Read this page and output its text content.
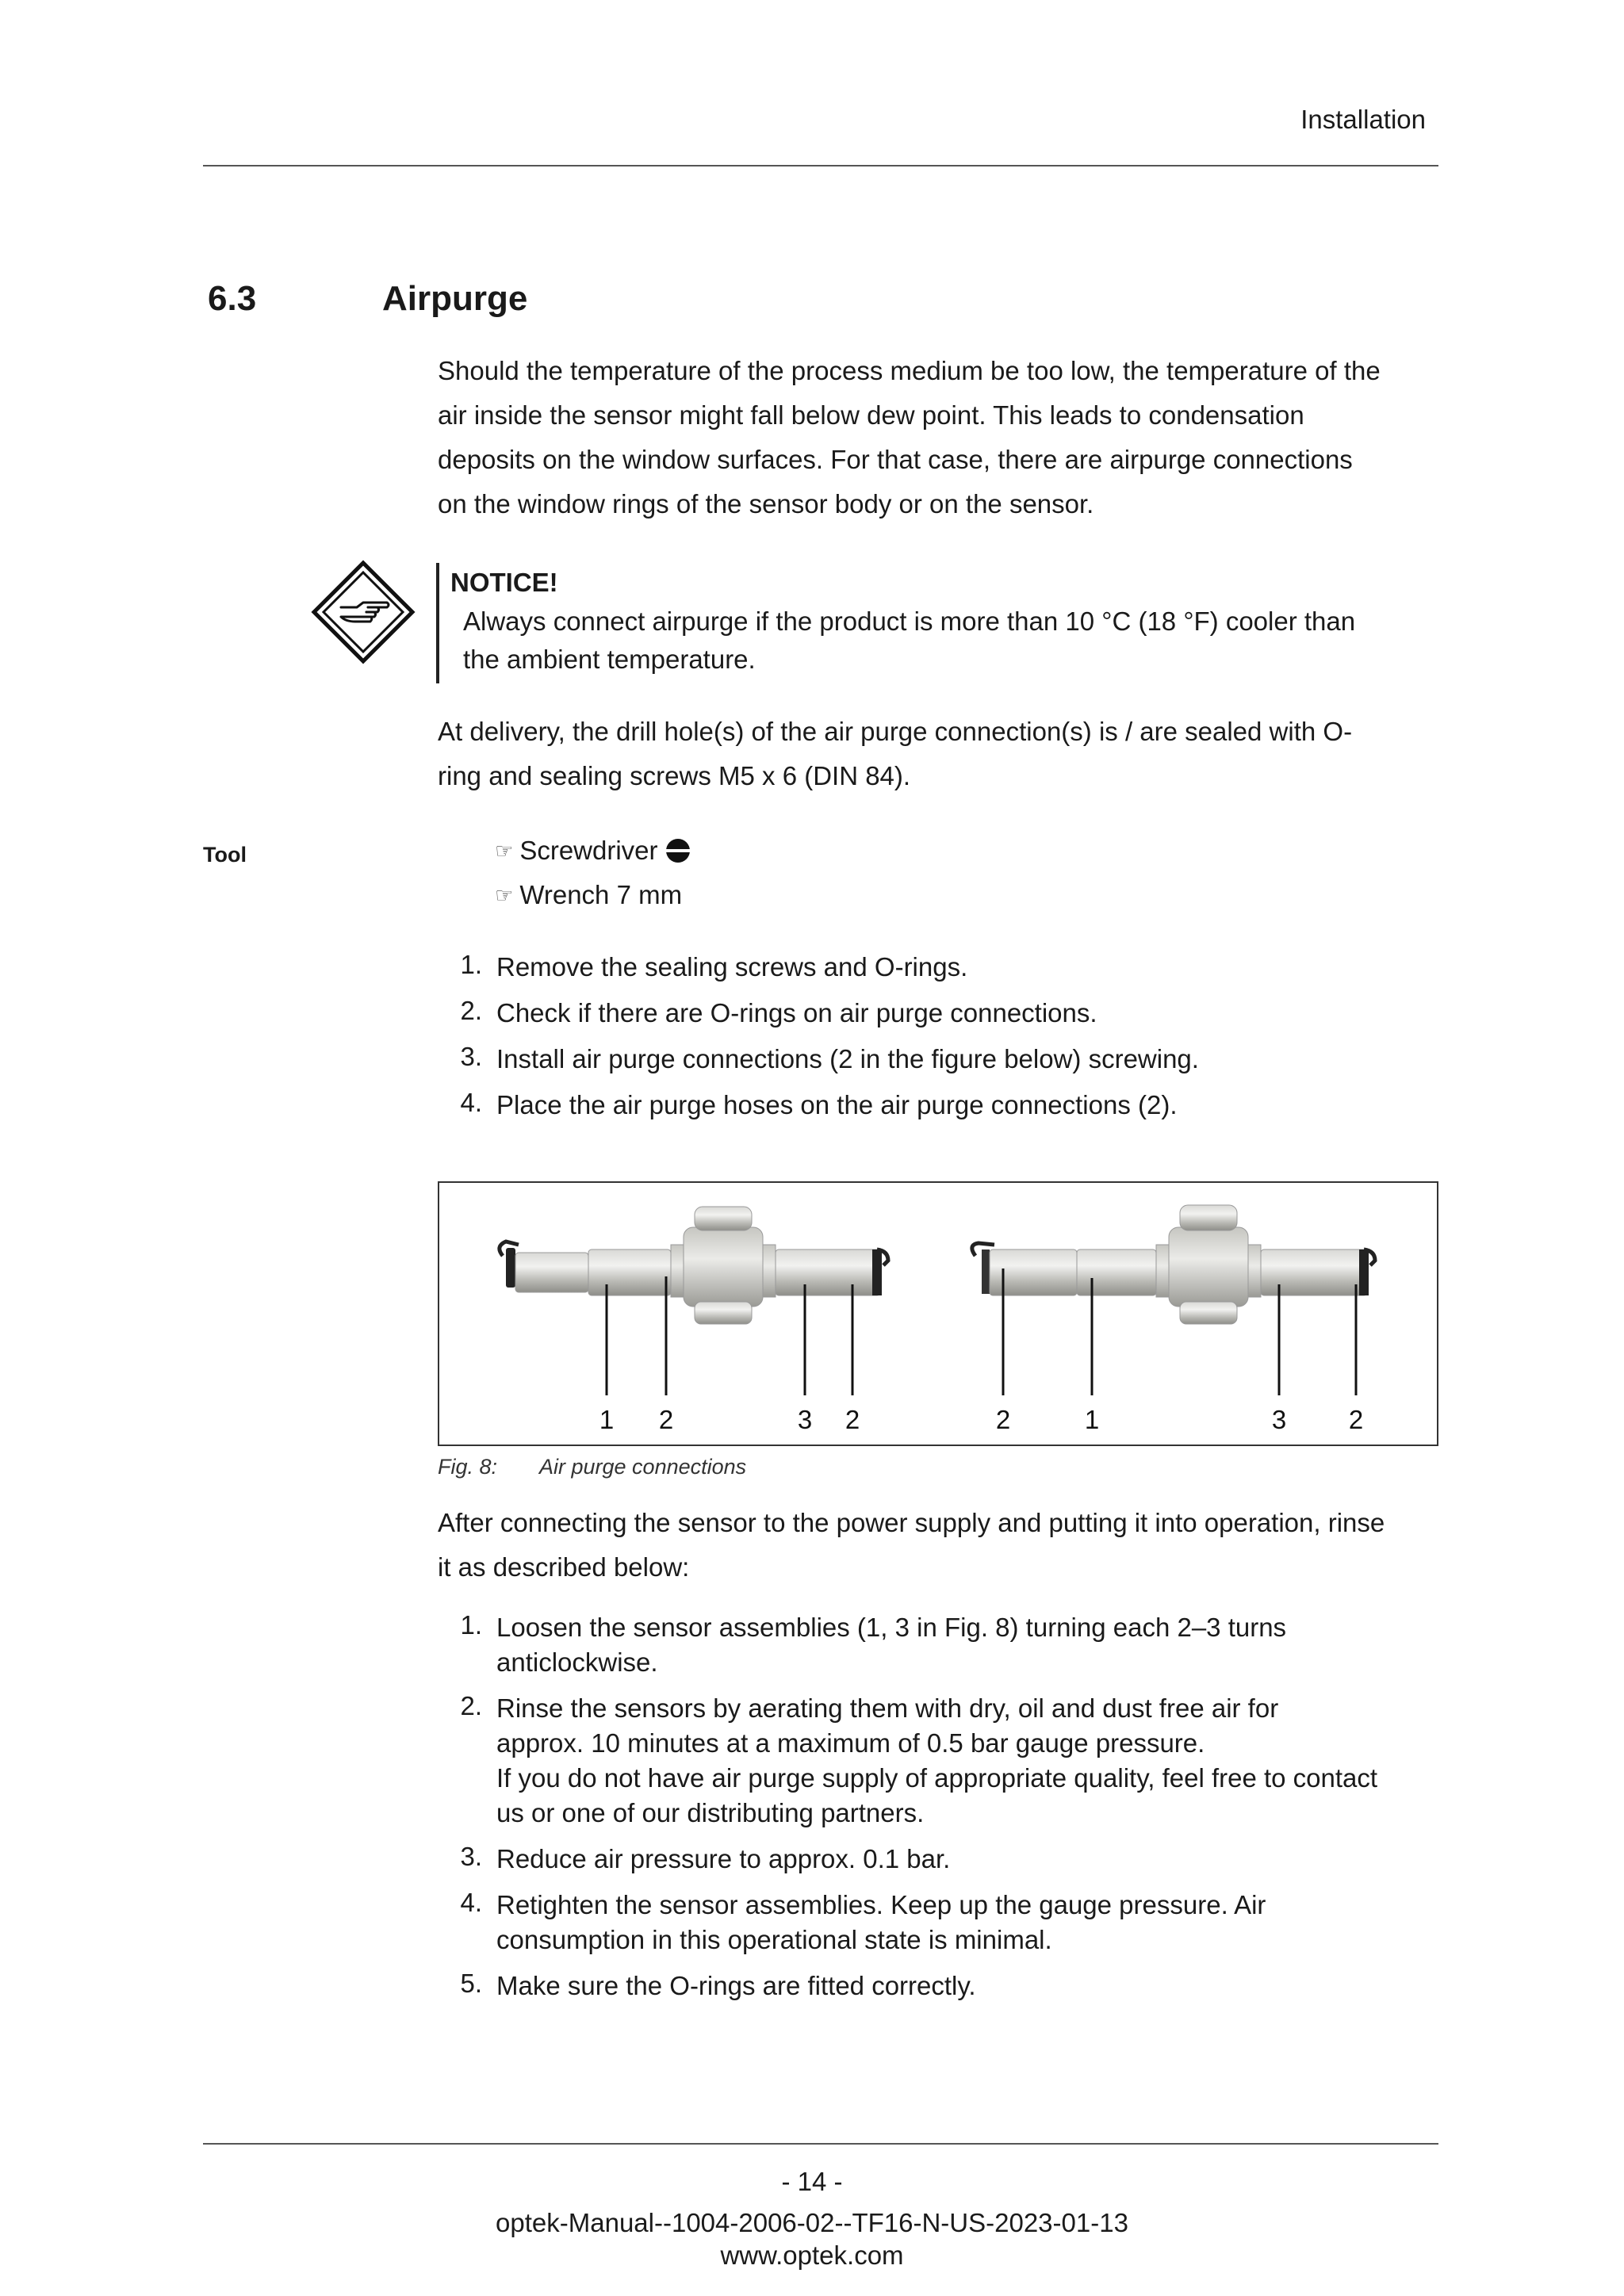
Installation
6.3	Airpurge
Should the temperature of the process medium be too low, the temperature of the
air inside the sensor might fall below dew point. This leads to condensation
deposits on the window surfaces. For that case, there are airpurge connections
on the window rings of the sensor body or on the sensor.
NOTICE!
Always connect airpurge if the product is more than 10 °C (18 °F) cooler than
the ambient temperature.
At delivery, the drill hole(s) of the air purge connection(s) is / are sealed with O-
ring and sealing screws M5 x 6 (DIN 84).
Tool	☞ Screwdriver
☞ Wrench 7 mm
1. Remove the sealing screws and O-rings.
2. Check if there are O-rings on air purge connections.
3. Install air purge connections (2 in the figure below) screwing.
4. Place the air purge hoses on the air purge connections (2).
1 2	3 2	2	1	3 2
Fig. 8: Air purge connections
After connecting the sensor to the power supply and putting it into operation, rinse
it as described below:
1. Loosen the sensor assemblies (1, 3 in Fig. 8) turning each 2–3 turns
anticlockwise.
2. Rinse the sensors by aerating them with dry, oil and dust free air for
approx. 10 minutes at a maximum of 0.5 bar gauge pressure.
If you do not have air purge supply of appropriate quality, feel free to contact
us or one of our distributing partners.
3. Reduce air pressure to approx. 0.1 bar.
4. Retighten the sensor assemblies. Keep up the gauge pressure. Air
consumption in this operational state is minimal.
5. Make sure the O-rings are fitted correctly.
- 14 -
optek-Manual--1004-2006-02--TF16-N-US-2023-01-13
www.optek.com
